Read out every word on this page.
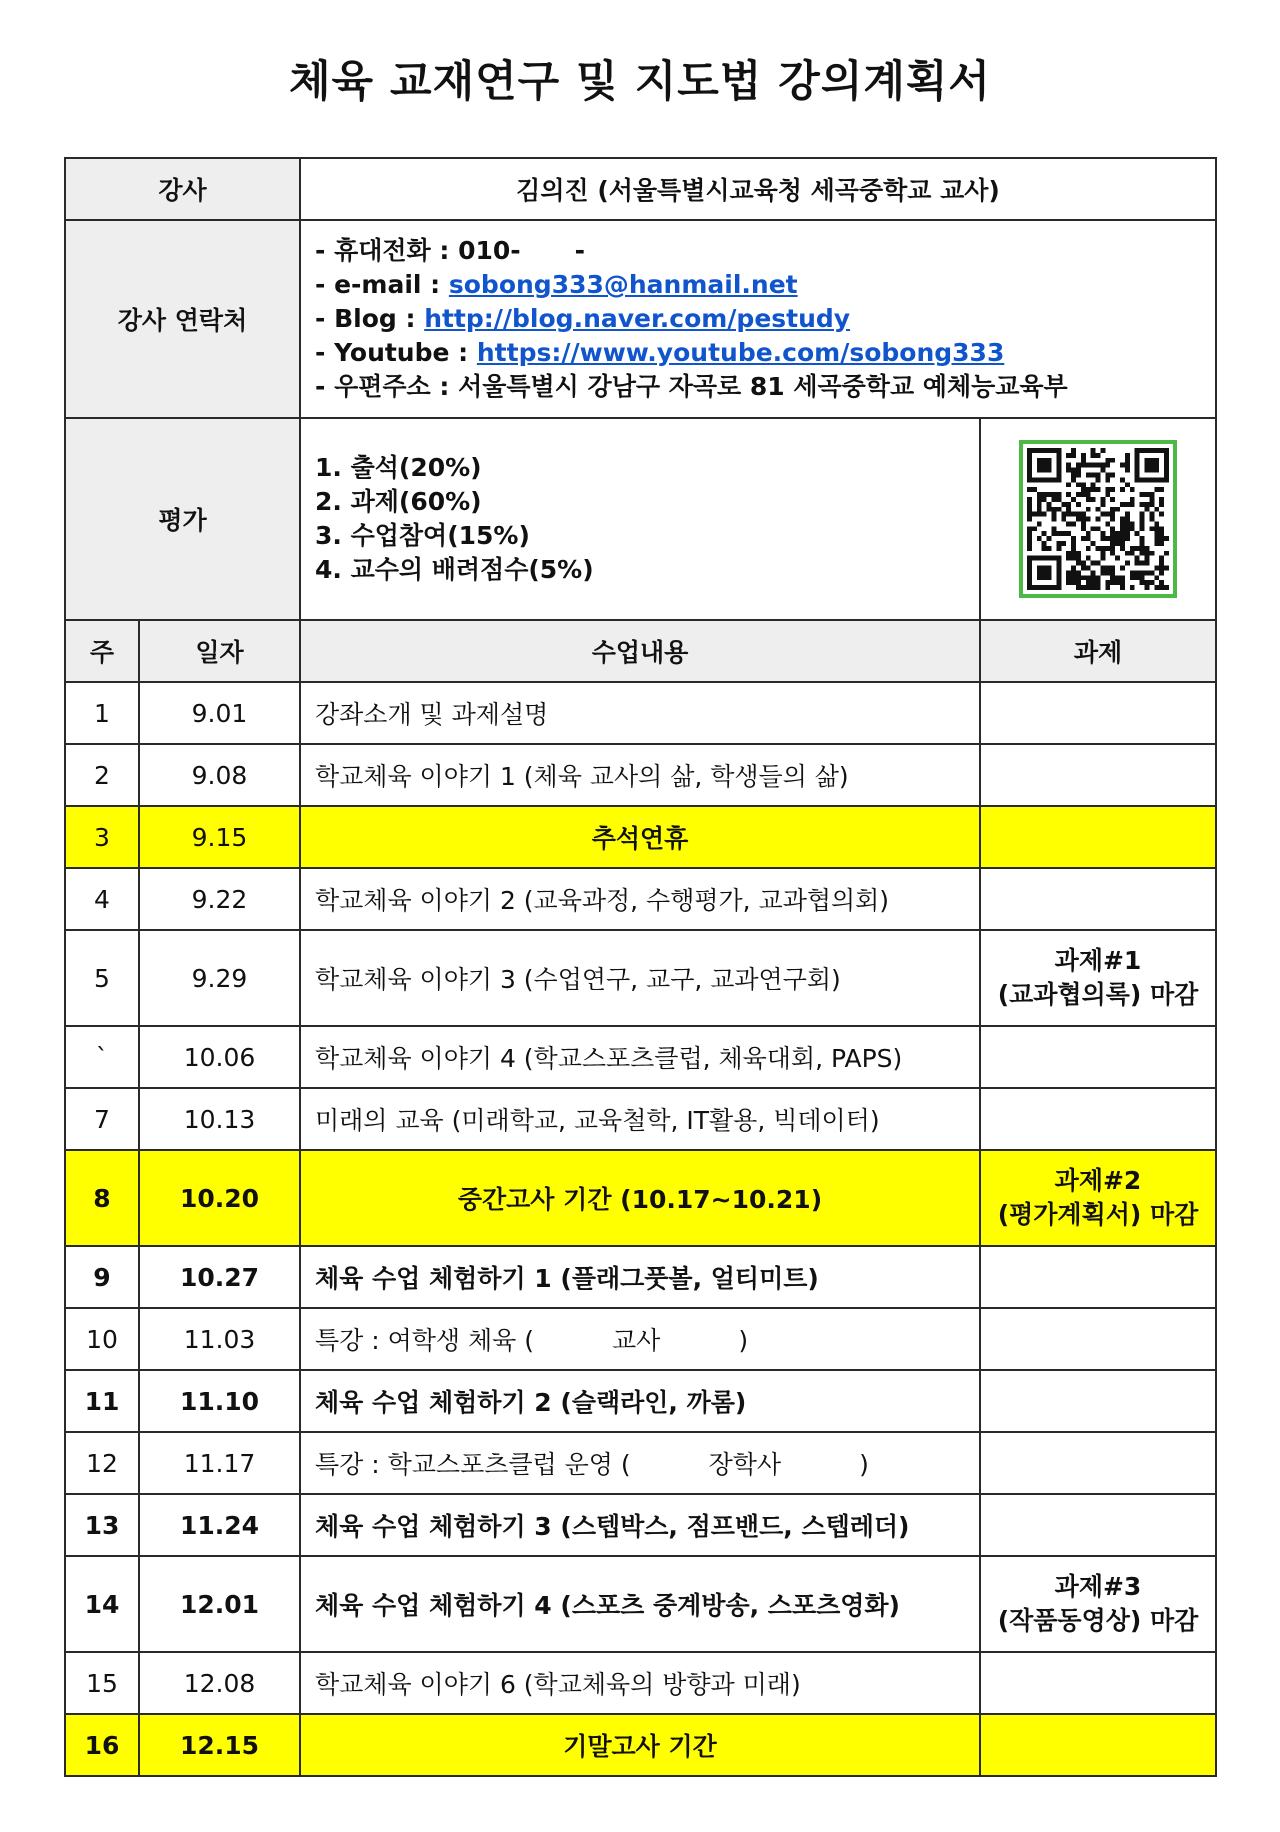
체육 교재연구 및 지도법 강의계획서
강사		김의진 (서울특별시교육청 세곡중학교 교사)	
강사 연락처		- 휴대전화 : 010- -
- e-mail : sobong333@hanmail.net
- Blog : http://blog.naver.com/pestudy
- Youtube : https://www.youtube.com/sobong333
- 우편주소 : 서울특별시 강남구 자곡로 81 세곡중학교 예체능교육부	

평가		1. 출석(20%)
2. 과제(60%)
3. 수업참여(15%)
4. 교수의 배려점수(5%)

주	일자	수업내용	과제
1	9.01	강좌소개 및 과제설명	
2	9.08	학교체육 이야기 1 (체육 교사의 삶, 학생들의 삶)	
3	9.15	추석연휴	
4	9.22	학교체육 이야기 2 (교육과정, 수행평가, 교과협의회)	
5	9.29	학교체육 이야기 3 (수업연구, 교구, 교과연구회)	과제#1
(교과협의록) 마감

`	10.06	학교체육 이야기 4 (학교스포츠클럽, 체육대회, PAPS)	
7	10.13	미래의 교육 (미래학교, 교육철학, IT활용, 빅데이터)	
8	10.20	중간고사 기간 (10.17~10.21)	과제#2
(평가계획서) 마감

9	10.27	체육 수업 체험하기 1 (플래그풋볼, 얼티미트)	
10	11.03	특강 : 여학생 체육 ( 교사 )	
11	11.10	체육 수업 체험하기 2 (슬랙라인, 까롬)	
12	11.17	특강 : 학교스포츠클럽 운영 ( 장학사 )	
13	11.24	체육 수업 체험하기 3 (스텝박스, 점프밴드, 스텝레더)	
14	12.01	체육 수업 체험하기 4 (스포츠 중계방송, 스포츠영화)	과제#3
(작품동영상) 마감

15	12.08	학교체육 이야기 6 (학교체육의 방향과 미래)	
16	12.15	기말고사 기간	
